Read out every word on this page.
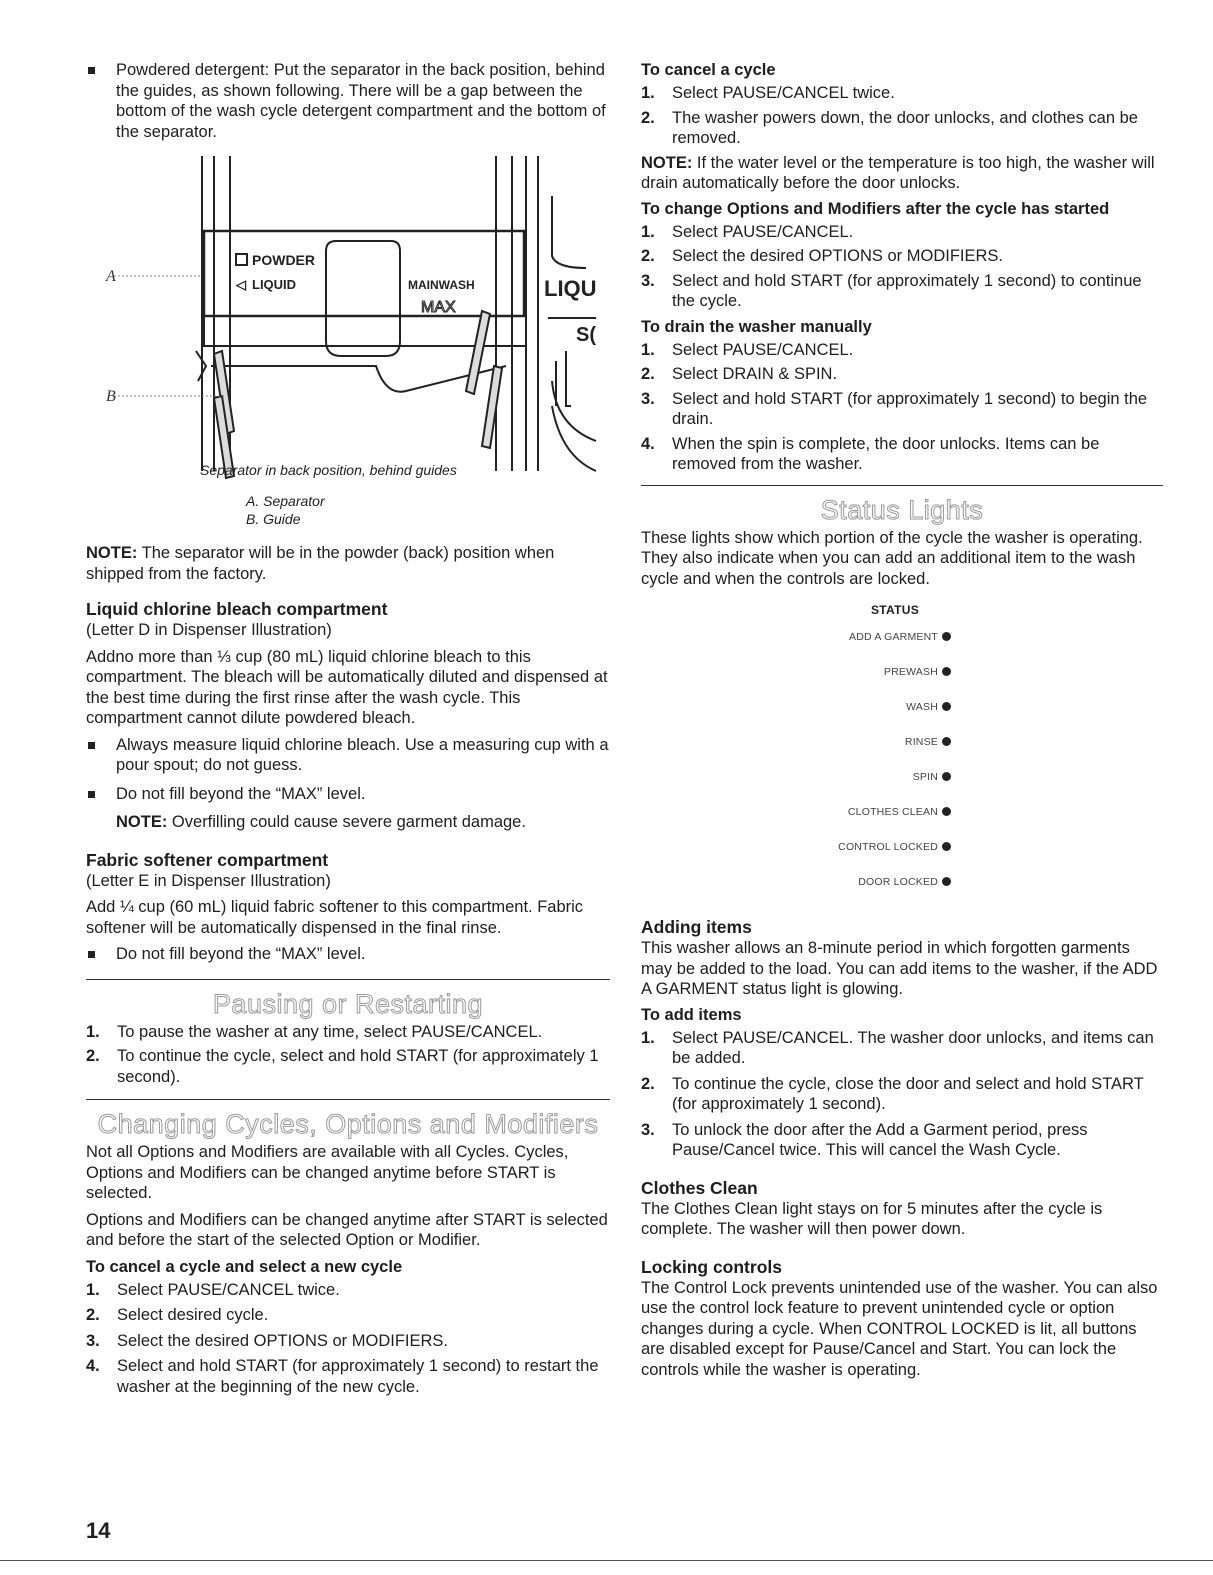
Powdered detergent: Put the separator in the back position, behind the guides, as shown following. There will be a gap between the bottom of the wash cycle detergent compartment and the bottom of the separator.
A
B
POWDER
◁ LIQUID	MAINWASH
MAX
LIQU
S(
Separator in back position, behind guides
A. Separator
B. Guide

NOTE: The separator will be in the powder (back) position when shipped from the factory.

Liquid chlorine bleach compartment

(Letter D in Dispenser Illustration)

Addno more than ⅓ cup (80 mL) liquid chlorine bleach to this compartment. The bleach will be automatically diluted and dispensed at the best time during the first rinse after the wash cycle. This compartment cannot dilute powdered bleach.

Always measure liquid chlorine bleach. Use a measuring cup with a pour spout; do not guess.
Do not fill beyond the “MAX” level.

NOTE: Overfilling could cause severe garment damage.

Fabric softener compartment

(Letter E in Dispenser Illustration)

Add ¼ cup (60 mL) liquid fabric softener to this compartment. Fabric softener will be automatically dispensed in the final rinse.

Do not fill beyond the “MAX” level.
Pausing or Restarting
1. To pause the washer at any time, select PAUSE/CANCEL.
2. To continue the cycle, select and hold START (for approximately 1 second).
Changing Cycles, Options and Modifiers

Not all Options and Modifiers are available with all Cycles. Cycles, Options and Modifiers can be changed anytime before START is selected.

Options and Modifiers can be changed anytime after START is selected and before the start of the selected Option or Modifier.

To cancel a cycle and select a new cycle
1. Select PAUSE/CANCEL twice.
2. Select desired cycle.
3. Select the desired OPTIONS or MODIFIERS.
4. Select and hold START (for approximately 1 second) to restart the washer at the beginning of the new cycle.
To cancel a cycle
1. Select PAUSE/CANCEL twice.
2. The washer powers down, the door unlocks, and clothes can be removed.

NOTE: If the water level or the temperature is too high, the washer will drain automatically before the door unlocks.

To change Options and Modifiers after the cycle has started
1. Select PAUSE/CANCEL.
2. Select the desired OPTIONS or MODIFIERS.
3. Select and hold START (for approximately 1 second) to continue the cycle.
To drain the washer manually
1. Select PAUSE/CANCEL.
2. Select DRAIN & SPIN.
3. Select and hold START (for approximately 1 second) to begin the drain.
4. When the spin is complete, the door unlocks. Items can be removed from the washer.
Status Lights

These lights show which portion of the cycle the washer is operating. They also indicate when you can add an additional item to the wash cycle and when the controls are locked.

STATUS
ADD A GARMENT
PREWASH
WASH
RINSE
SPIN
CLOTHES CLEAN
CONTROL LOCKED
DOOR LOCKED
Adding items

This washer allows an 8-minute period in which forgotten garments may be added to the load. You can add items to the washer, if the ADD A GARMENT status light is glowing.

To add items
1. Select PAUSE/CANCEL. The washer door unlocks, and items can be added.
2. To continue the cycle, close the door and select and hold START (for approximately 1 second).
3. To unlock the door after the Add a Garment period, press Pause/Cancel twice. This will cancel the Wash Cycle.
Clothes Clean

The Clothes Clean light stays on for 5 minutes after the cycle is complete. The washer will then power down.

Locking controls

The Control Lock prevents unintended use of the washer. You can also use the control lock feature to prevent unintended cycle or option changes during a cycle. When CONTROL LOCKED is lit, all buttons are disabled except for Pause/Cancel and Start. You can lock the controls while the washer is operating.

14
